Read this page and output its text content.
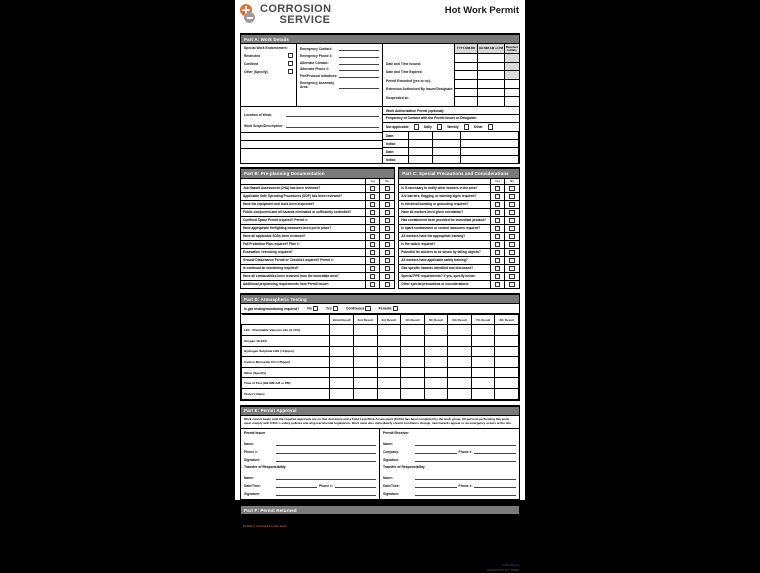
CORROSION
SERVICE
Hot Work Permit
Part A: Work Details
Special Work Endorsement:
Restricted
Confined
Other (Specify)
Emergency Contact:
Emergency Phone #:
Alternate Contact:
Alternate Phone #:
Fire/Protocol Initiatives:
Emergency Assembly Area:
Date and Time Issued:
Date and Time Expired:
Permit Extended (yes or no):
Extension Authorized By Issuer/Designate:
Suspended at:
YYYY-MM-DD	HH:MM AM or PM	Receiver Initials
Location of Work:
Work Scope/Description:
Work Authorization Permit (optional):
Frequency of Contact with the Permit Issuer or Designate:
Not applicable	Daily	Weekly	Other
Date:
Initial:
Date:
Initial:
Part B: Pre-planning Documentation
Yes	No
Job Hazard Assessment (JHA) has been reviewed?
Applicable Safe Operating Procedures (SOP) has been reviewed?
Have the equipment and tools been inspected?
Public component and all hazards eliminated or sufficiently controlled?
Confined Space Permit required? Permit #:
Have appropriate firefighting measures been put in place?
Have all applicable SDSs been reviewed?
Fall Protection Plan required? Plan #:
Excavation / trenching required?
Ground Disturbance Permit or Checklist required? Permit #:
Is continual air monitoring required?
Have all combustibles been removed from the immediate area?
Additional preplanning requirements from Permit Issuer:
Part C: Special Precautions and Considerations
Yes	No
Is it necessary to notify other workers in the area?
Are barriers, flagging, or warning signs required?
Is electrical bonding or grounding required?
Have all workers been given orientation?
Has containment been provided for immediate product?
Is spark containment or control measures required?
All workers have the appropriate training?
Is fire watch required?
Potential for workers to be struck by falling objects?
All workers have applicable safety training?
Gas specific hazards identified and discussed?
Special PPE requirements? If yes, specify below:
Other special precautions or considerations:
Part D: Atmospheric Testing
Is gas testing/monitoring required? No	Yes	Continuous	Periodic
	Initial Result	2nd Result	3rd Result	4th Result	5th Result	6th Result	7th Result	8th Result
LEL - Flammable Vapours LEL (0-10%)								
Oxygen 19-23%								
Hydrogen Sulphide H2S (<10ppm)								
Carbon Monoxide CO (<35ppm)								
Other (Specify)								
Time of Test (HH:MM AM or PM)								
Tester's Name								
Part E: Permit Approval
Work cannot begin until the required approvals are on this document and a Field Level Risk Assessment (FLRA) has been completed by the work group. All persons performing this work must comply with CSCL's safety policies and all governmental regulations. Work must also immediately should conditions change, new hazards appear or an emergency occurs at the site.
Permit Issuer
Name:
Phone #:
Signature:
Transfer of Responsibility
Name:
Date/Time:	Phone #:
Signature:
Permit Receiver
Name:
Company:	Phone #:
Signature:
Transfer of Responsibility
Name:
Date/Time:	Phone #:
Signature:
Part F: Permit Returned
Returned by:	Received by:	Date/Time Returned:
FLRA(s) returned for the work	Comments (e.g. work complete, ongoing, incomplete area cleared up)
CSCL Rev 01
HSE-FR-003-HOT_WORK
